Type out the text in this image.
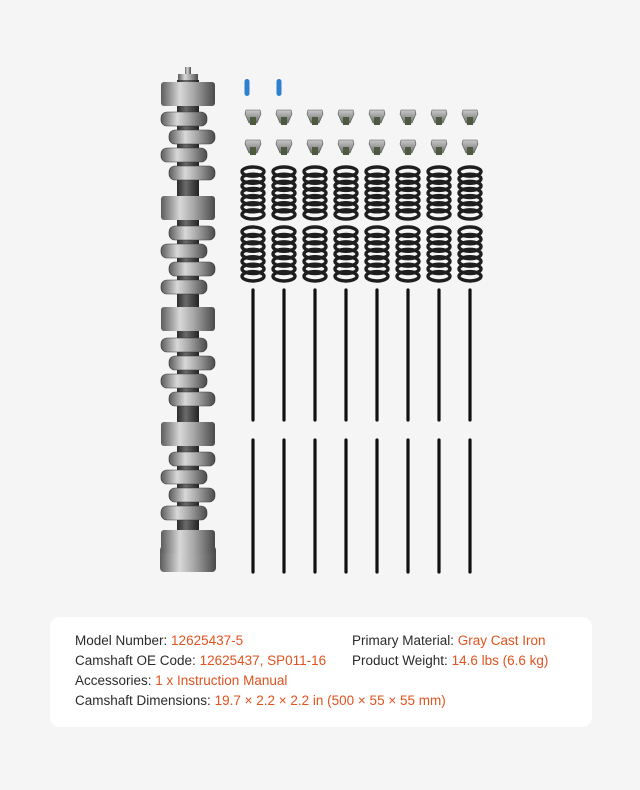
Model Number: 12625437-5	Primary Material: Gray Cast Iron
Camshaft OE Code: 12625437, SP011-16 Product Weight: 14.6 lbs (6.6 kg)
Accessories: 1 x Instruction Manual
Camshaft Dimensions: 19.7 × 2.2 × 2.2 in (500 × 55 × 55 mm)
